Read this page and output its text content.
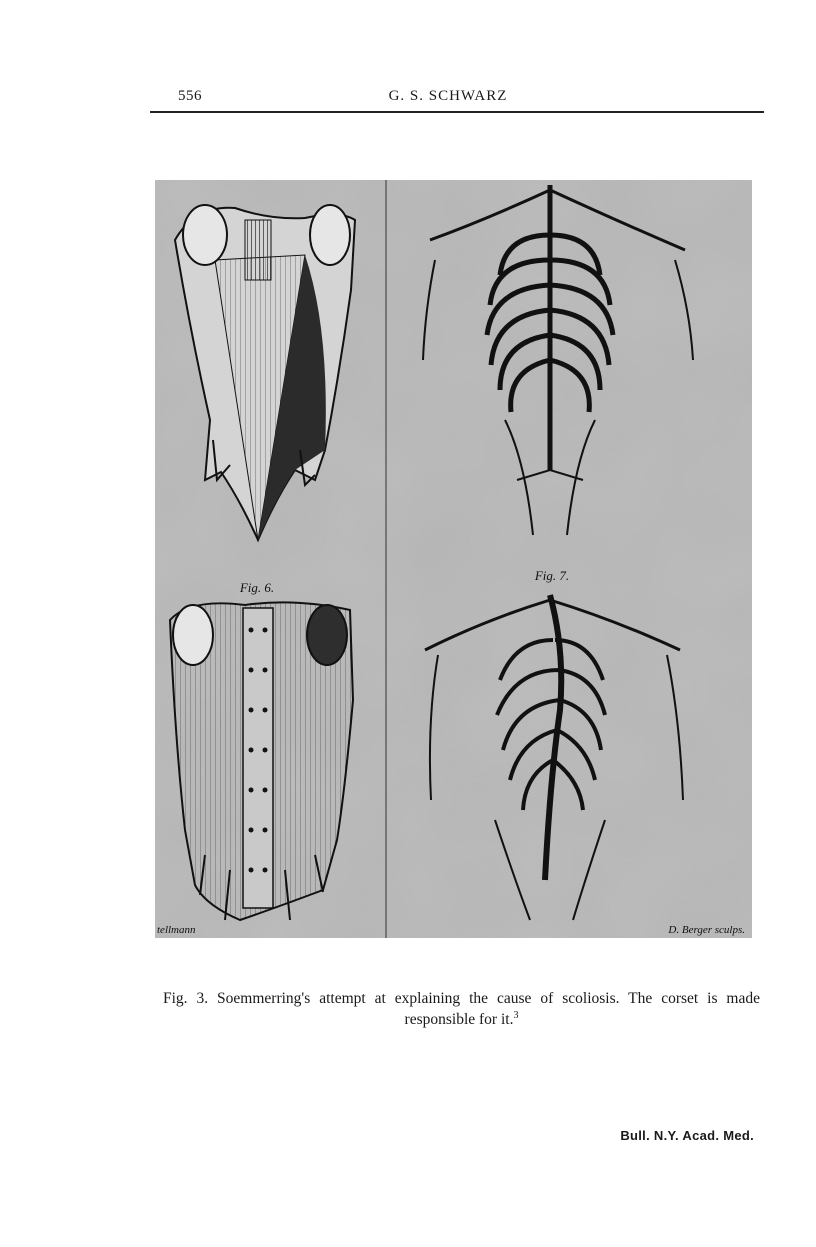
556	G. S. SCHWARZ
Fig. 7.
Fig. 6.
tellmann	D. Berger sculps.
Fig. 3. Soemmerring's attempt at explaining the cause of scoliosis. The corset is made
responsible for it.$^3$
Bull. N.Y. Acad. Med.
